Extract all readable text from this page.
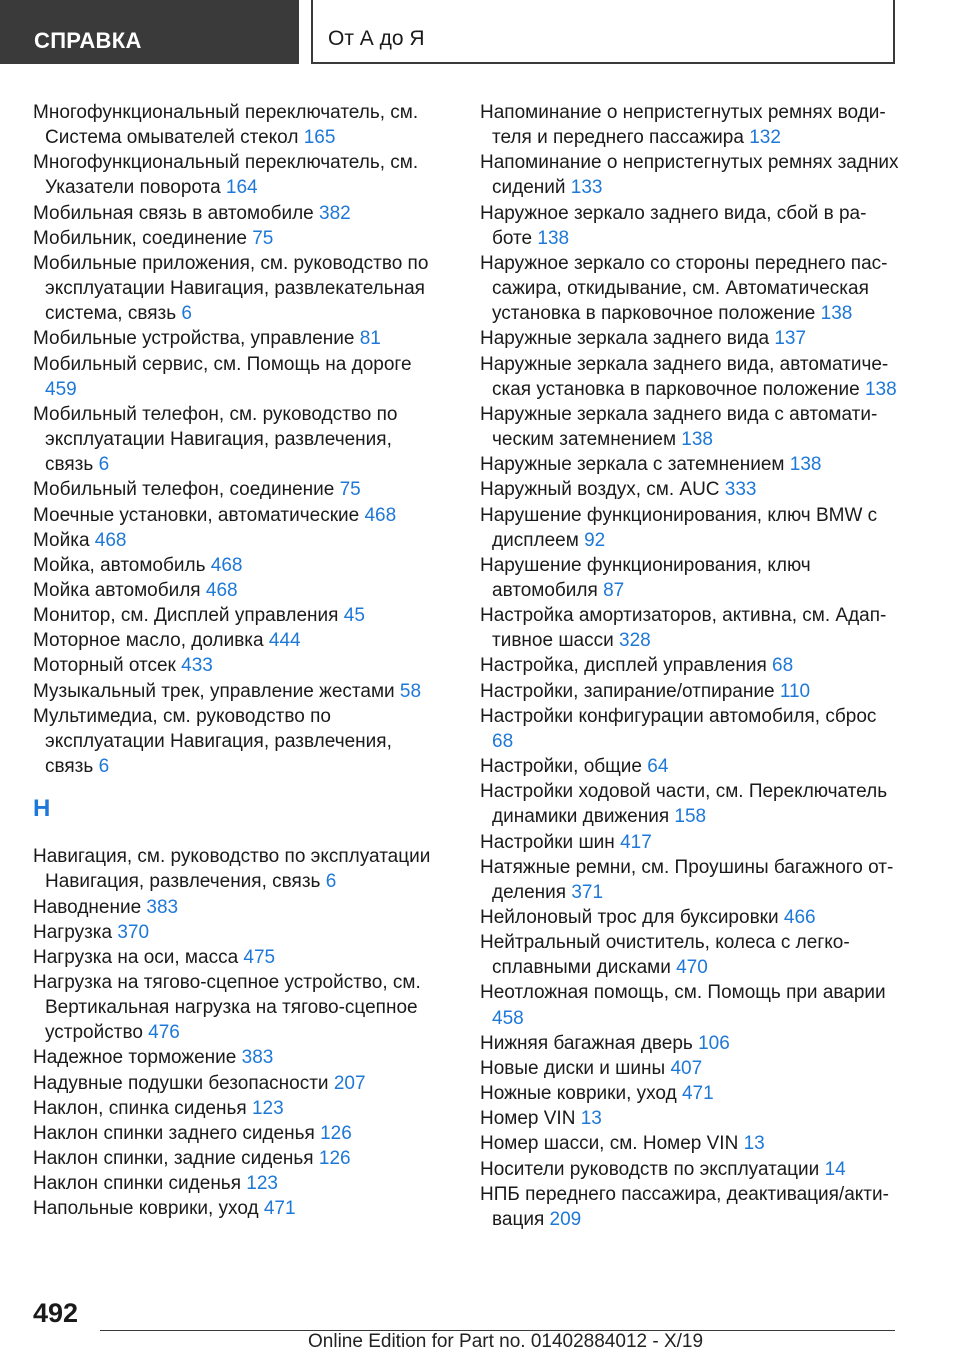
СПРАВКА	От А до Я
Многофункциональный переключатель, см. Система омывателей стекол 165
Многофункциональный переключатель, см. Указатели поворота 164
Мобильная связь в автомобиле 382
Мобильник, соединение 75
Мобильные приложения, см. руководство по эксплуатации Навигация, развлекательная система, связь 6
Мобильные устройства, управление 81
Мобильный сервис, см. Помощь на дороге 459
Мобильный телефон, см. руководство по эксплуатации Навигация, развлечения, связь 6
Мобильный телефон, соединение 75
Моечные установки, автоматические 468
Мойка 468
Мойка, автомобиль 468
Мойка автомобиля 468
Монитор, см. Дисплей управления 45
Моторное масло, доливка 444
Моторный отсек 433
Музыкальный трек, управление жестами 58
Мультимедиа, см. руководство по эксплуатации Навигация, развлечения, связь 6
Н
Навигация, см. руководство по эксплуатации Навигация, развлечения, связь 6
Наводнение 383
Нагрузка 370
Нагрузка на оси, масса 475
Нагрузка на тягово-сцепное устройство, см. Вертикальная нагрузка на тягово-сцепное устройство 476
Надежное торможение 383
Надувные подушки безопасности 207
Наклон, спинка сиденья 123
Наклон спинки заднего сиденья 126
Наклон спинки, задние сиденья 126
Наклон спинки сиденья 123
Напольные коврики, уход 471
Напоминание о непристегнутых ремнях водителя и переднего пассажира 132
Напоминание о непристегнутых ремнях задних сидений 133
Наружное зеркало заднего вида, сбой в работе 138
Наружное зеркало со стороны переднего пассажира, откидывание, см. Автоматическая установка в парковочное положение 138
Наружные зеркала заднего вида 137
Наружные зеркала заднего вида, автоматическая установка в парковочное положение 138
Наружные зеркала заднего вида с автоматическим затемнением 138
Наружные зеркала с затемнением 138
Наружный воздух, см. AUC 333
Нарушение функционирования, ключ BMW с дисплеем 92
Нарушение функционирования, ключ автомобиля 87
Настройка амортизаторов, активна, см. Адаптивное шасси 328
Настройка, дисплей управления 68
Настройки, запирание/отпирание 110
Настройки конфигурации автомобиля, сброс 68
Настройки, общие 64
Настройки ходовой части, см. Переключатель динамики движения 158
Настройки шин 417
Натяжные ремни, см. Проушины багажного отделения 371
Нейлоновый трос для буксировки 466
Нейтральный очиститель, колеса с легкосплавными дисками 470
Неотложная помощь, см. Помощь при аварии 458
Нижняя багажная дверь 106
Новые диски и шины 407
Ножные коврики, уход 471
Номер VIN 13
Номер шасси, см. Номер VIN 13
Носители руководств по эксплуатации 14
НПБ переднего пассажира, деактивация/активация 209
492
Online Edition for Part no. 01402884012 - X/19
